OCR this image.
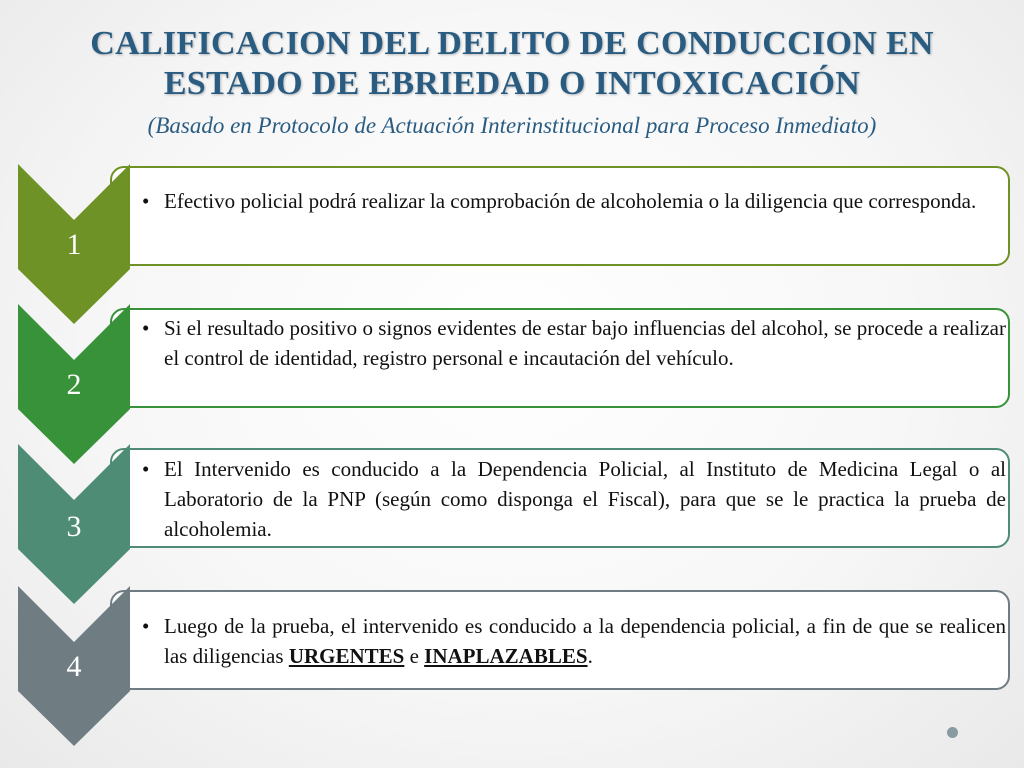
CALIFICACION DEL DELITO DE CONDUCCION EN
ESTADO DE EBRIEDAD O INTOXICACIÓN
(Basado en Protocolo de Actuación Interinstitucional para Proceso Inmediato)
1
• Efectivo policial podrá realizar la comprobación de alcoholemia o la diligencia que corresponda.
2
• Si el resultado positivo o signos evidentes de estar bajo influencias del alcohol, se procede a realizar el control de identidad, registro personal e incautación del vehículo.
3
• El Intervenido es conducido a la Dependencia Policial, al Instituto de Medicina Legal o al Laboratorio de la PNP (según como disponga el Fiscal), para que se le practica la prueba de alcoholemia.
4
• Luego de la prueba, el intervenido es conducido a la dependencia policial, a fin de que se realicen las diligencias URGENTES e INAPLAZABLES.
